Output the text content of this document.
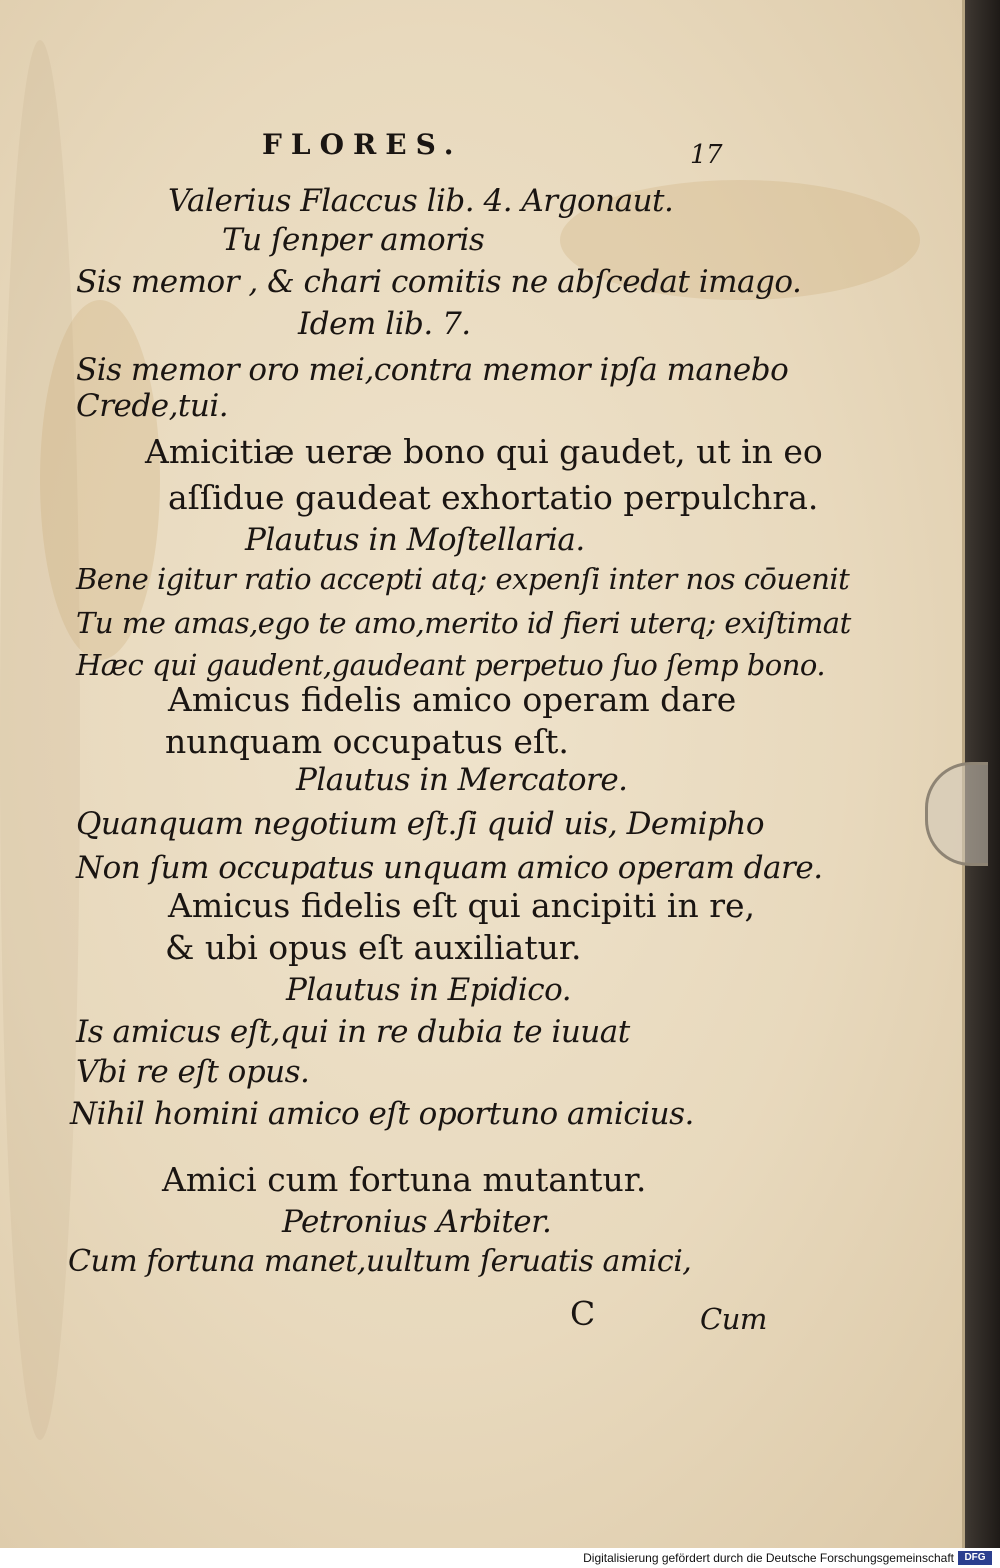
FLORES.	17
Valerius Flaccus lib. 4. Argonaut.
Tu ſenper amoris
Sis memor , & chari comitis ne abſcedat imago.
Idem lib. 7.
Sis memor oro mei,contra memor ipſa manebo
Crede,tui.
Amicitiæ ueræ bono qui gaudet, ut in eo
aſſidue gaudeat exhortatio perpulchra.
Plautus in Moſtellaria.
Bene igitur ratio accepti atq; expenſi inter nos cōuenit
Tu me amas,ego te amo,merito id fieri uterq; exiſtimat
Hæc qui gaudent,gaudeant perpetuo ſuo ſemp bono.
Amicus fidelis amico operam dare
nunquam occupatus eſt.
Plautus in Mercatore.
Quanquam negotium eſt.ſi quid uis, Demipho
Non ſum occupatus unquam amico operam dare.
Amicus fidelis eſt qui ancipiti in re,
& ubi opus eſt auxiliatur.
Plautus in Epidico.
Is amicus eſt,qui in re dubia te iuuat
Vbi re eſt opus.
Nihil homini amico eſt oportuno amicius.
Amici cum fortuna mutantur.
Petronius Arbiter.
Cum fortuna manet,uultum ſeruatis amici,
C	Cum
Digitalisierung gefördert durch die Deutsche Forschungsgemeinschaft	DFG
